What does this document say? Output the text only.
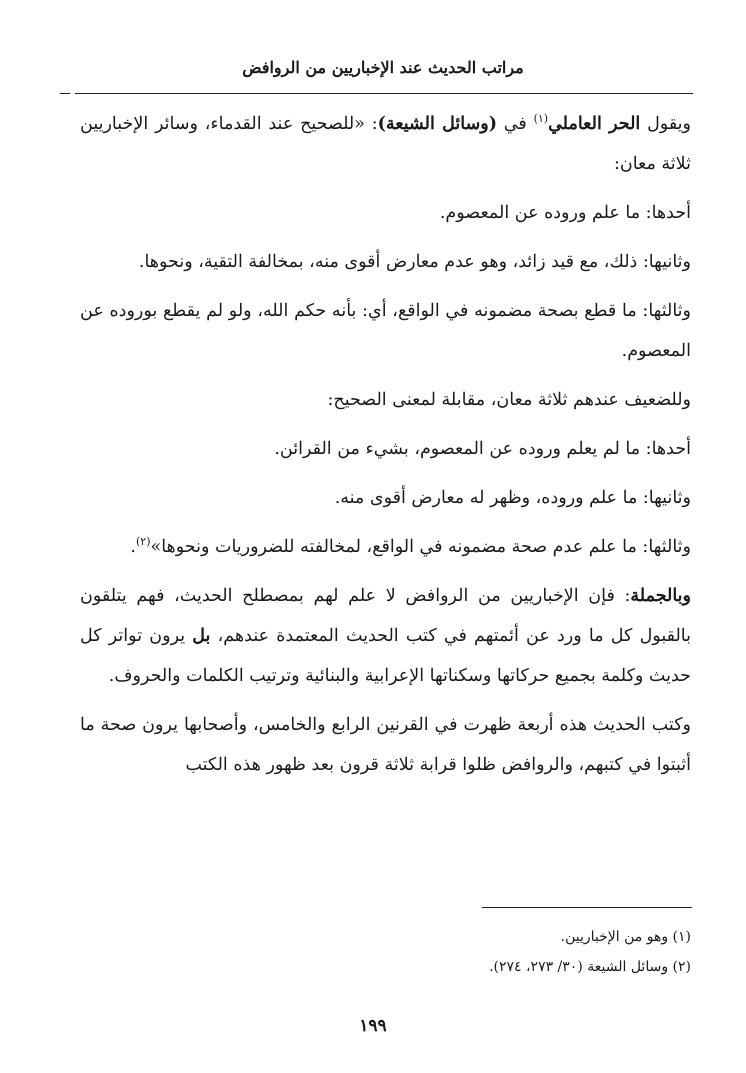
مراتب الحديث عند الإخباريين من الروافض

ويقول الحر العاملي$^{(١)}$ في (وسائل الشيعة): «للصحيح عند القدماء، وسائر الإخباريين ثلاثة معان:

أحدها: ما علم وروده عن المعصوم.

وثانيها: ذلك، مع قيد زائد، وهو عدم معارض أقوى منه، بمخالفة التقية، ونحوها.

وثالثها: ما قطع بصحة مضمونه في الواقع، أي: بأنه حكم الله، ولو لم يقطع بوروده عن المعصوم.

وللضعيف عندهم ثلاثة معان، مقابلة لمعنى الصحيح:

أحدها: ما لم يعلم وروده عن المعصوم، بشيء من القرائن.

وثانيها: ما علم وروده، وظهر له معارض أقوى منه.

وثالثها: ما علم عدم صحة مضمونه في الواقع، لمخالفته للضروريات ونحوها»$^{(٢)}$.

وبالجملة: فإن الإخباريين من الروافض لا علم لهم بمصطلح الحديث، فهم يتلقون بالقبول كل ما ورد عن أئمتهم في كتب الحديث المعتمدة عندهم، بل يرون تواتر كل حديث وكلمة بجميع حركاتها وسكناتها الإعرابية والبنائية وترتيب الكلمات والحروف.

وكتب الحديث هذه أربعة ظهرت في القرنين الرابع والخامس، وأصحابها يرون صحة ما أثبتوا في كتبهم، والروافض ظلوا قرابة ثلاثة قرون بعد ظهور هذه الكتب

(١) وهو من الإخباريين.

(٢) وسائل الشيعة (٣٠/ ٢٧٣، ٢٧٤).

١٩٩
